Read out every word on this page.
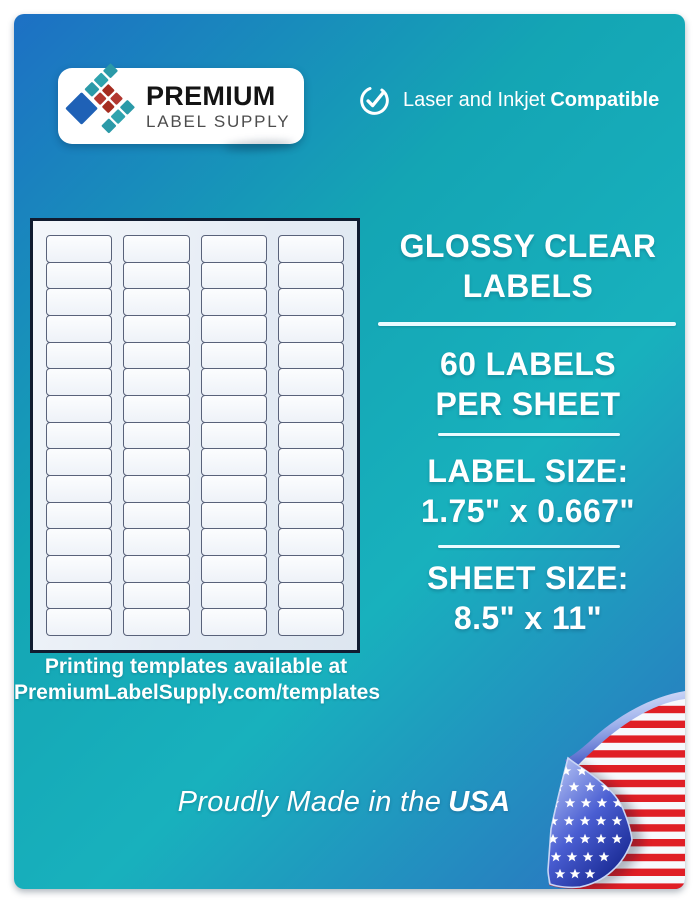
PREMIUM
LABEL SUPPLY
Laser and Inkjet Compatible
Printing templates available at
PremiumLabelSupply.com/templates
GLOSSY CLEAR
LABELS
60 LABELS
PER SHEET
LABEL SIZE:
1.75" x 0.667"
SHEET SIZE:
8.5" x 11"
Proudly Made in the USA
